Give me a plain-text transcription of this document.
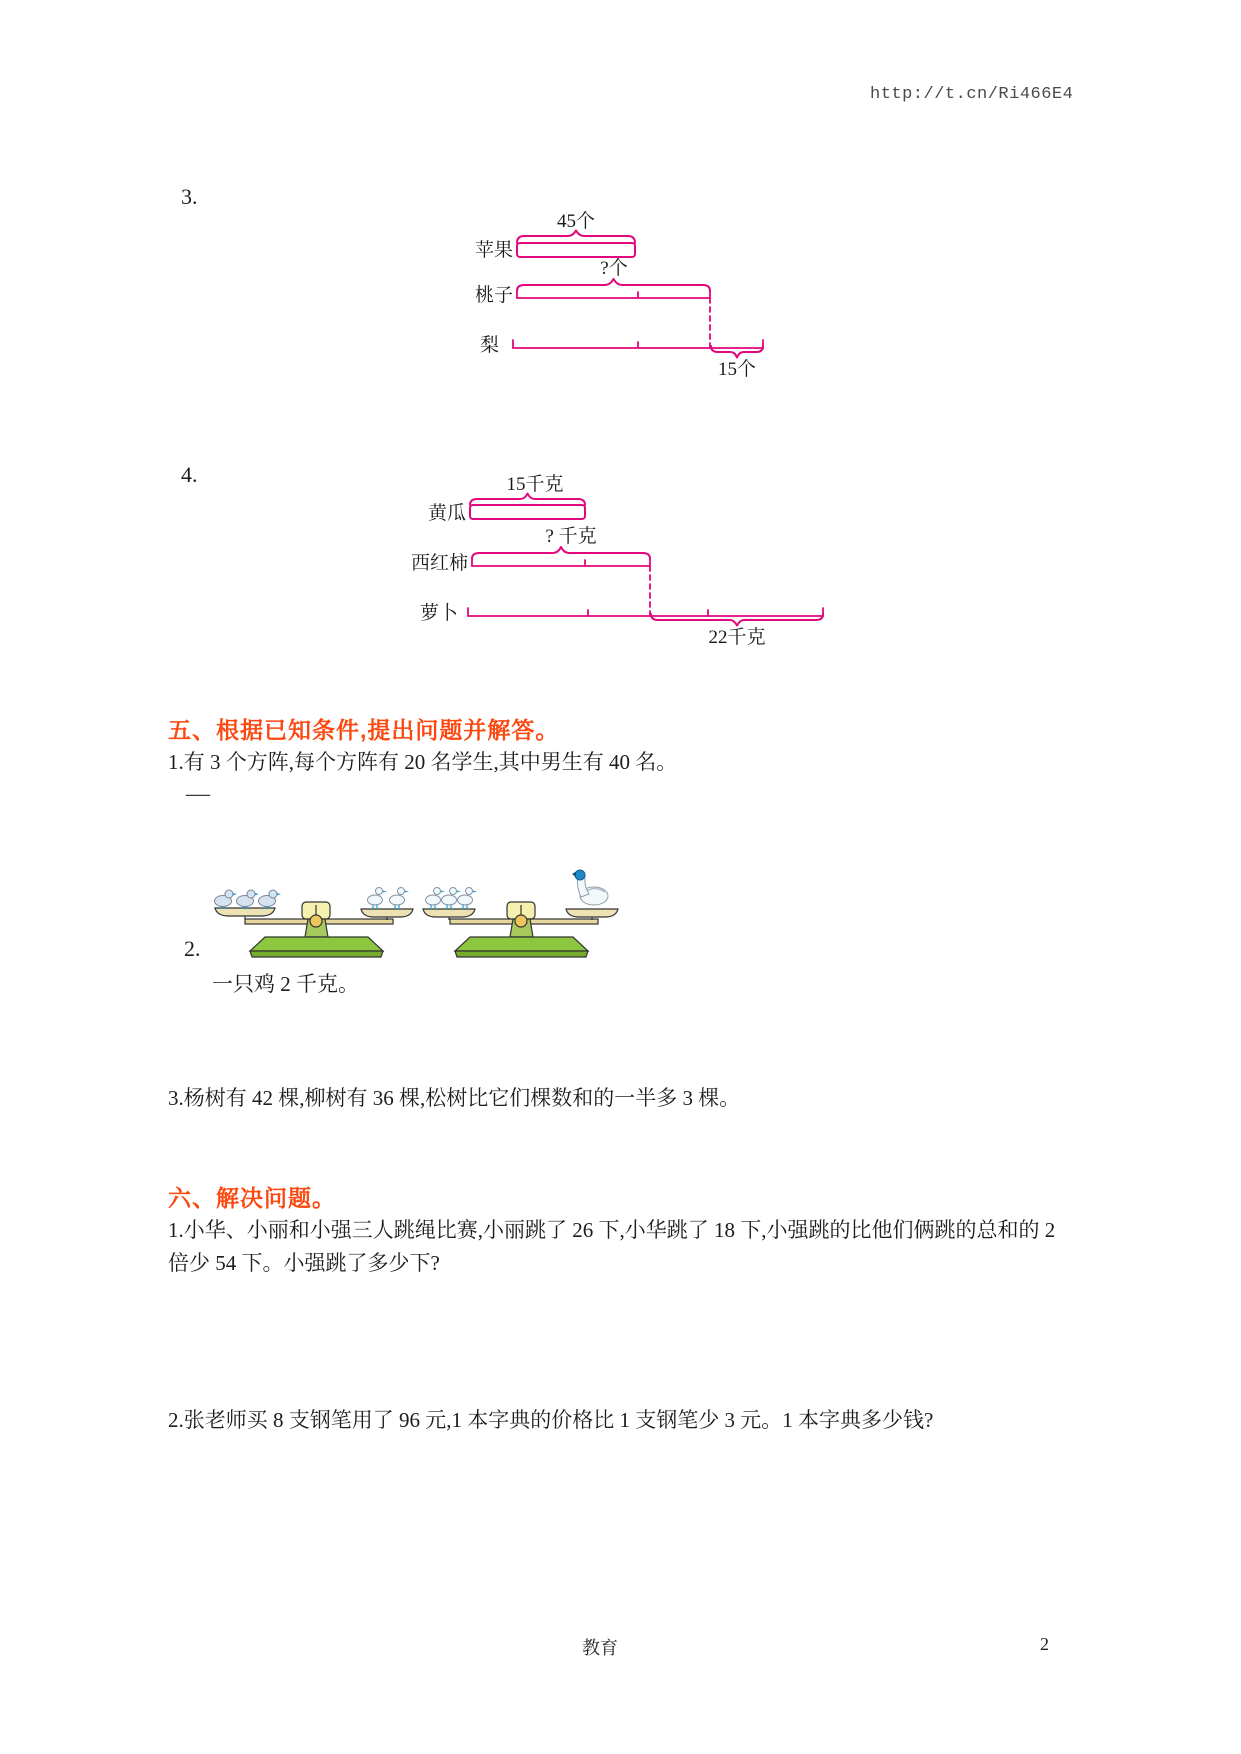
http://t.cn/Ri466E4
3.
45个
苹果
?个
桃子
梨
15个
4.	15千克
黄瓜
? 千克
西红柿
萝卜
22千克
五、根据已知条件,提出问题并解答。
1.有 3 个方阵,每个方阵有 20 名学生,其中男生有 40 名。
—
2.
一只鸡 2 千克。
3.杨树有 42 棵,柳树有 36 棵,松树比它们棵数和的一半多 3 棵。
六、解决问题。
1.小华、小丽和小强三人跳绳比赛,小丽跳了 26 下,小华跳了 18 下,小强跳的比他们俩跳的总和的 2 倍少 54 下。小强跳了多少下?
2.张老师买 8 支钢笔用了 96 元,1 本字典的价格比 1 支钢笔少 3 元。1 本字典多少钱?
教育	2
